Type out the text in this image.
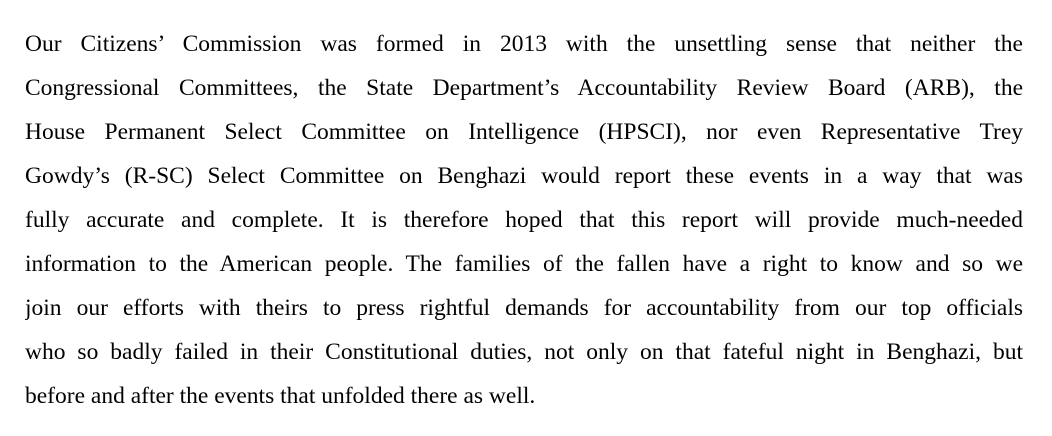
Our Citizens’ Commission was formed in 2013 with the unsettling sense that neither the
Congressional Committees, the State Department’s Accountability Review Board (ARB), the
House Permanent Select Committee on Intelligence (HPSCI), nor even Representative Trey
Gowdy’s (R-SC) Select Committee on Benghazi would report these events in a way that was
fully accurate and complete. It is therefore hoped that this report will provide much-needed
information to the American people. The families of the fallen have a right to know and so we
join our efforts with theirs to press rightful demands for accountability from our top officials
who so badly failed in their Constitutional duties, not only on that fateful night in Benghazi, but
before and after the events that unfolded there as well.
